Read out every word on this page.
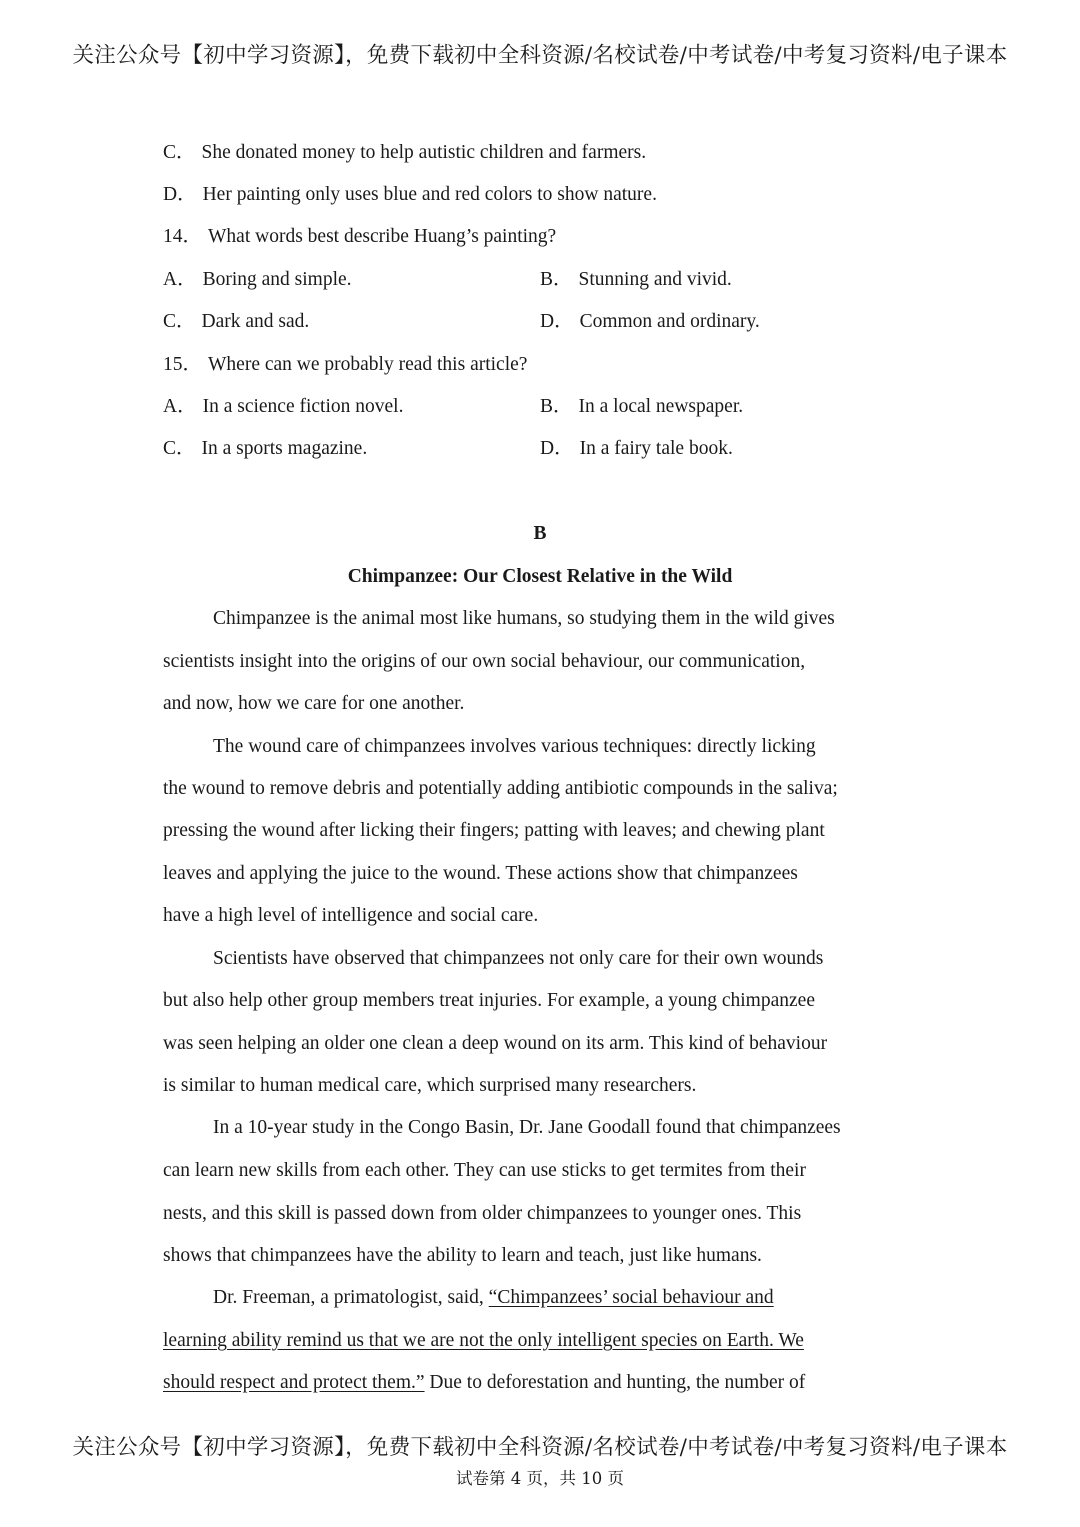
关注公众号【初中学习资源】，免费下载初中全科资源/名校试卷/中考试卷/中考复习资料/电子课本
C． She donated money to help autistic children and farmers.
D． Her painting only uses blue and red colors to show nature.
14． What words best describe Huang’s painting?
A． Boring and simple.	B． Stunning and vivid.
C． Dark and sad.	D． Common and ordinary.
15． Where can we probably read this article?
A． In a science fiction novel.	B． In a local newspaper.
C． In a sports magazine.	D． In a fairy tale book.
B
Chimpanzee: Our Closest Relative in the Wild
Chimpanzee is the animal most like humans, so studying them in the wild gives
scientists insight into the origins of our own social behaviour, our communication,
and now, how we care for one another.
The wound care of chimpanzees involves various techniques: directly licking
the wound to remove debris and potentially adding antibiotic compounds in the saliva;
pressing the wound after licking their fingers; patting with leaves; and chewing plant
leaves and applying the juice to the wound. These actions show that chimpanzees
have a high level of intelligence and social care.
Scientists have observed that chimpanzees not only care for their own wounds
but also help other group members treat injuries. For example, a young chimpanzee
was seen helping an older one clean a deep wound on its arm. This kind of behaviour
is similar to human medical care, which surprised many researchers.
In a 10-year study in the Congo Basin, Dr. Jane Goodall found that chimpanzees
can learn new skills from each other. They can use sticks to get termites from their
nests, and this skill is passed down from older chimpanzees to younger ones. This
shows that chimpanzees have the ability to learn and teach, just like humans.
Dr. Freeman, a primatologist, said, “Chimpanzees’ social behaviour and
learning ability remind us that we are not the only intelligent species on Earth. We
should respect and protect them.” Due to deforestation and hunting, the number of
关注公众号【初中学习资源】，免费下载初中全科资源/名校试卷/中考试卷/中考复习资料/电子课本
试卷第 4 页，共 10 页
